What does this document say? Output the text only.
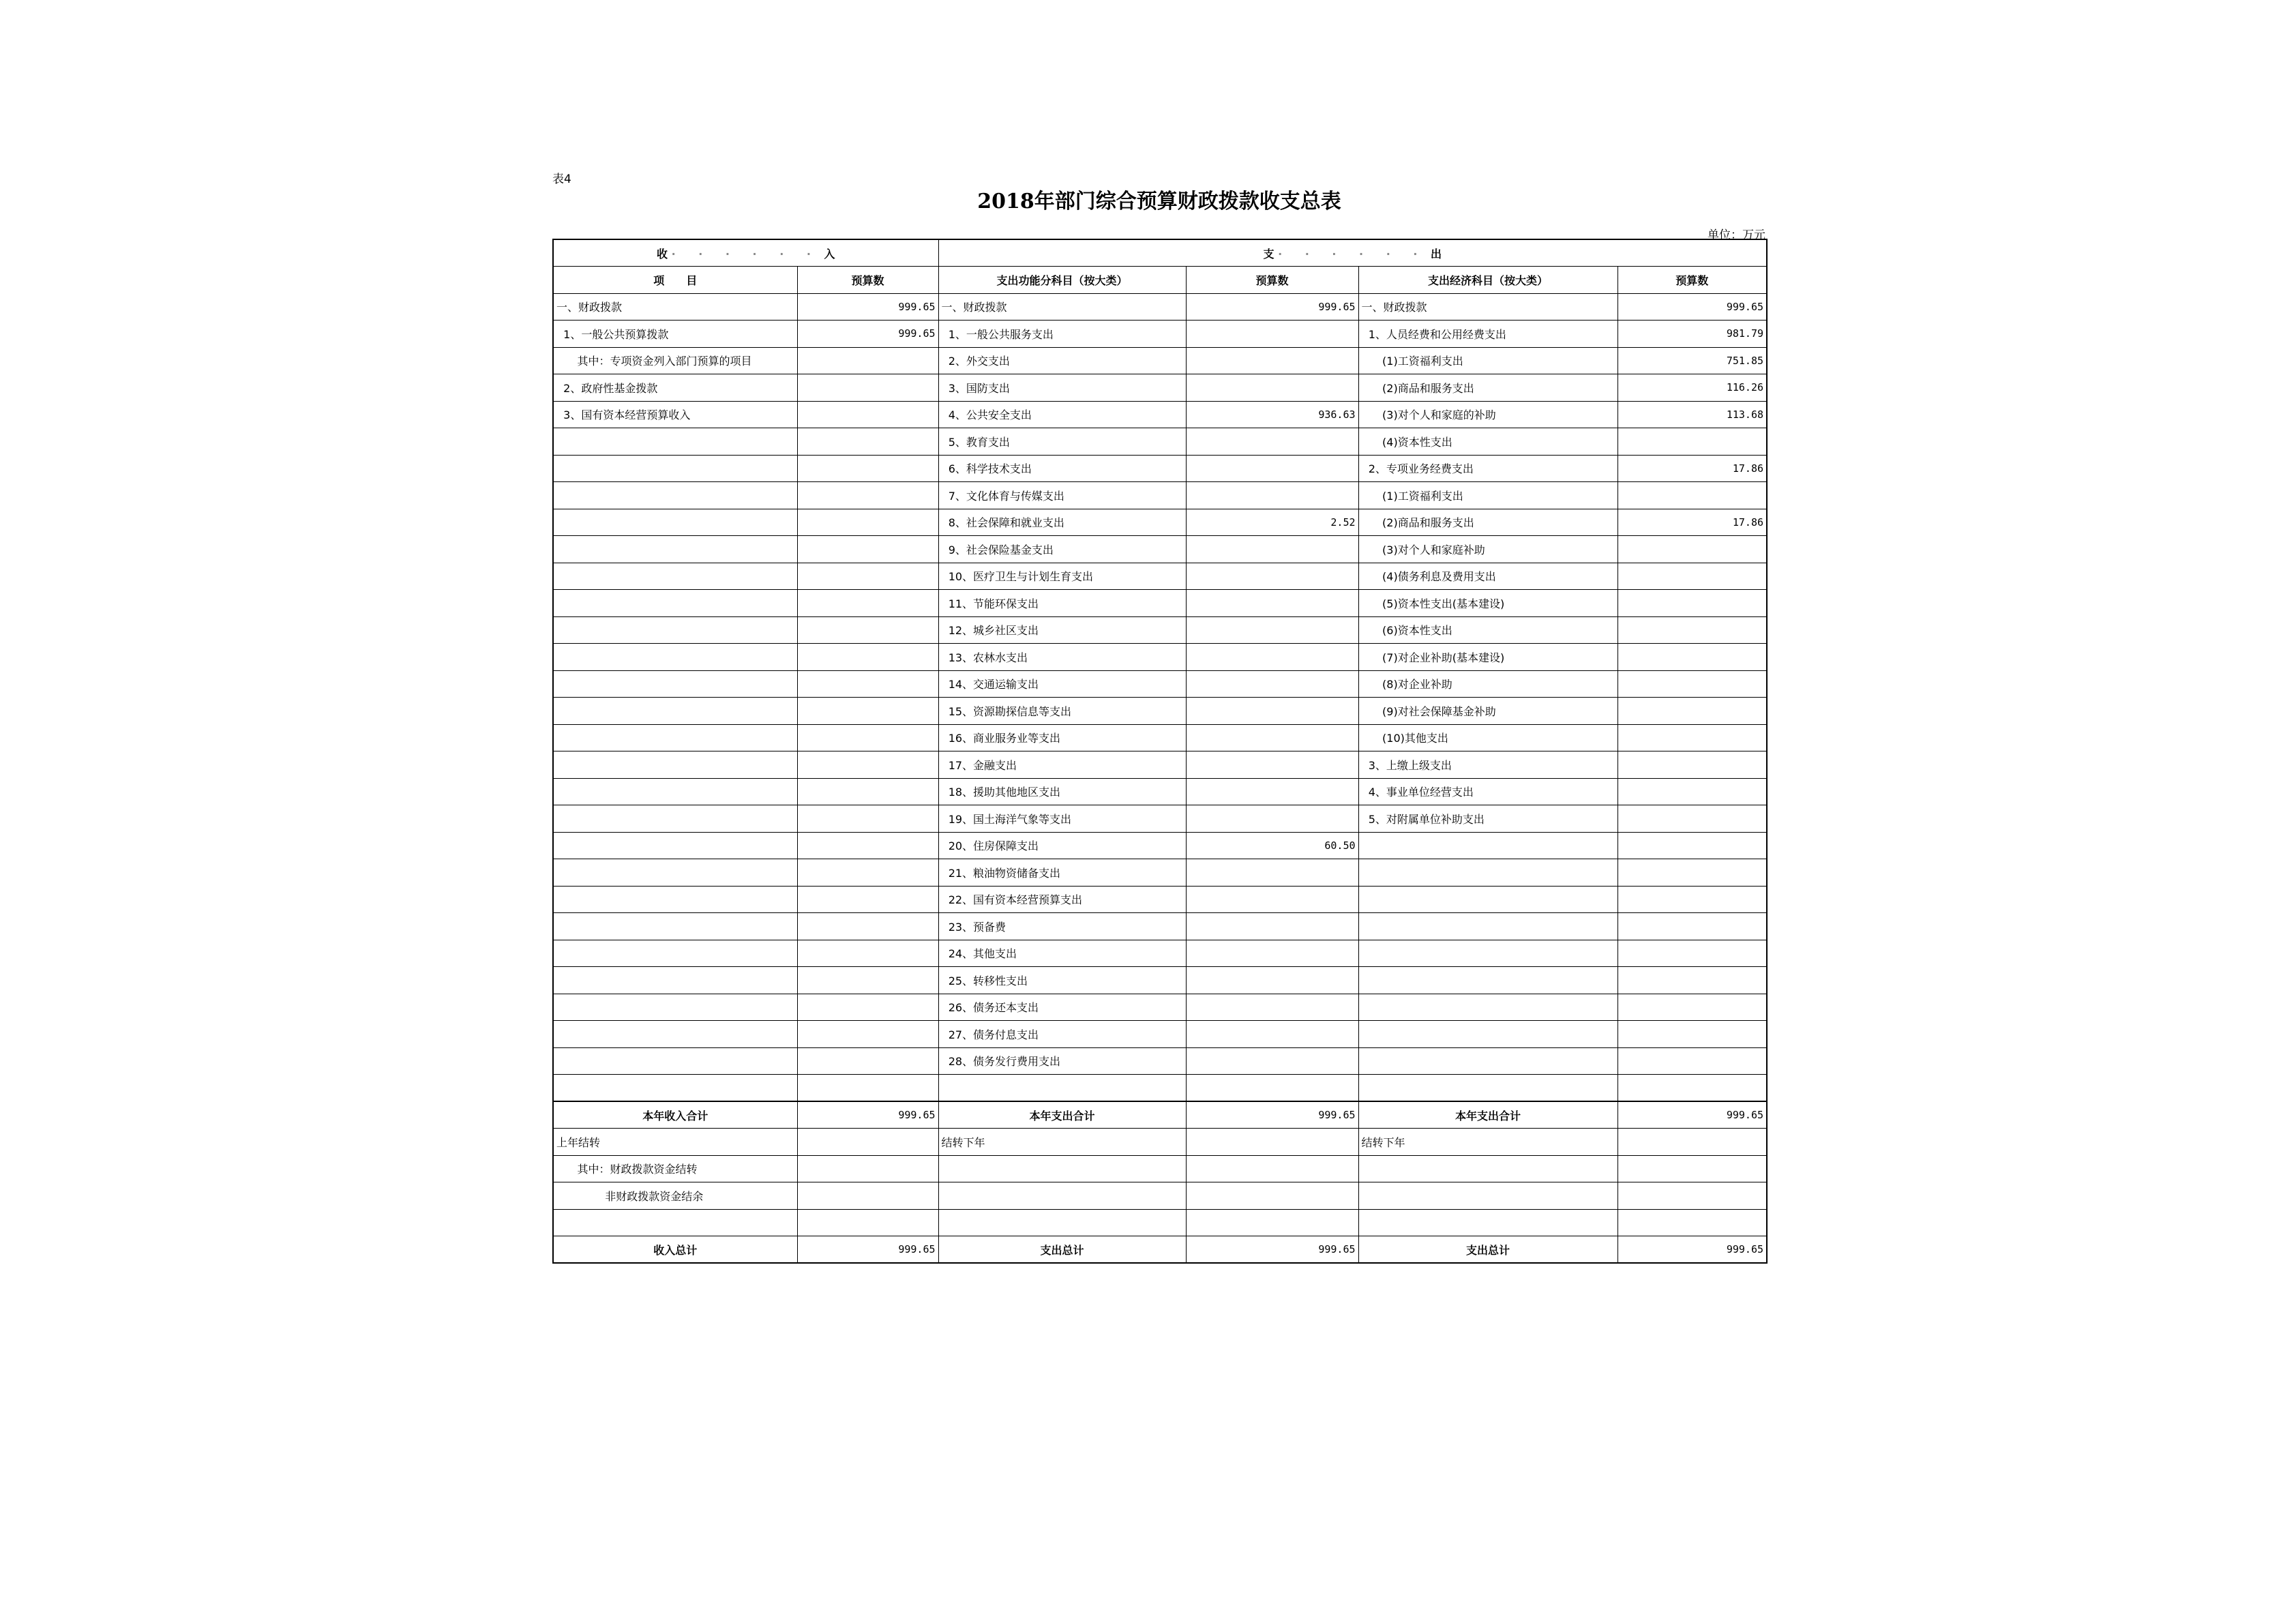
表4
2018年部门综合预算财政拨款收支总表
单位：万元
收 · · · · · · 入		支 · · · · · · 出			
项　　目	预算数	支出功能分科目（按大类）	预算数	支出经济科目（按大类）	预算数
一、财政拨款	999.65	一、财政拨款	999.65	一、财政拨款	999.65
1、一般公共预算拨款	999.65	1、一般公共服务支出		1、人员经费和公用经费支出	981.79
其中：专项资金列入部门预算的项目		2、外交支出		(1)工资福利支出	751.85
2、政府性基金拨款		3、国防支出		(2)商品和服务支出	116.26
3、国有资本经营预算收入		4、公共安全支出	936.63	(3)对个人和家庭的补助	113.68
		5、教育支出		(4)资本性支出	
		6、科学技术支出		2、专项业务经费支出	17.86
		7、文化体育与传媒支出		(1)工资福利支出	
		8、社会保障和就业支出	2.52	(2)商品和服务支出	17.86
		9、社会保险基金支出		(3)对个人和家庭补助	
		10、医疗卫生与计划生育支出		(4)债务利息及费用支出	
		11、节能环保支出		(5)资本性支出(基本建设)	
		12、城乡社区支出		(6)资本性支出	
		13、农林水支出		(7)对企业补助(基本建设)	
		14、交通运输支出		(8)对企业补助	
		15、资源勘探信息等支出		(9)对社会保障基金补助	
		16、商业服务业等支出		(10)其他支出	
		17、金融支出		3、上缴上级支出	
		18、援助其他地区支出		4、事业单位经营支出	
		19、国土海洋气象等支出		5、对附属单位补助支出	
		20、住房保障支出	60.50		
		21、粮油物资储备支出			
		22、国有资本经营预算支出			
		23、预备费			
		24、其他支出			
		25、转移性支出			
		26、债务还本支出			
		27、债务付息支出			
		28、债务发行费用支出			

本年收入合计	999.65	本年支出合计	999.65	本年支出合计	999.65
上年结转		结转下年		结转下年	
其中：财政拨款资金结转					
非财政拨款资金结余					

收入总计	999.65	支出总计	999.65	支出总计	999.65
